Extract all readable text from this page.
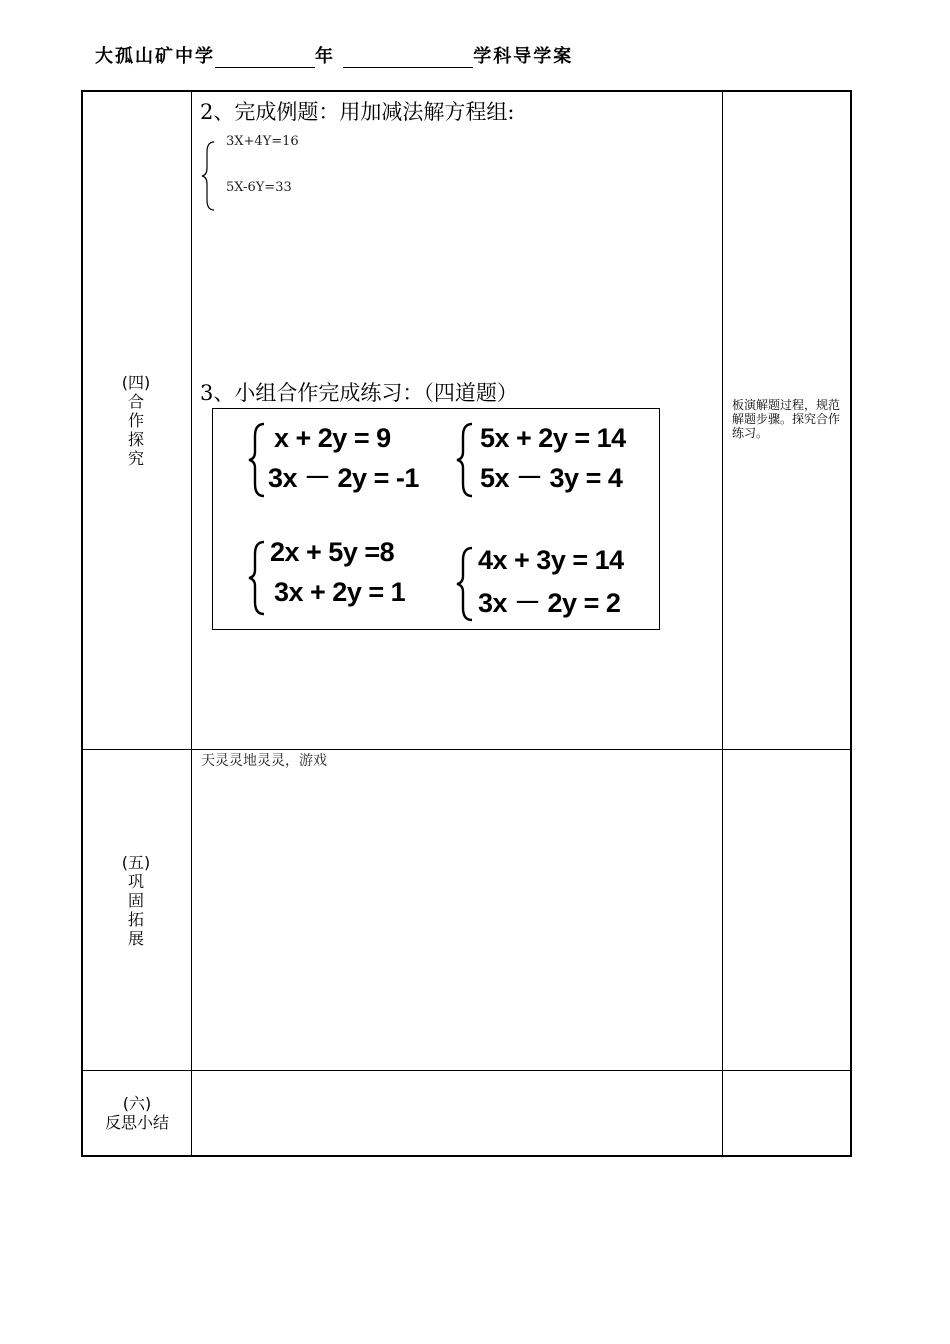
大孤山矿中学	年	学科导学案
(四)
合
作
探
究
(五)
巩
固
拓
展
(六)
反思小结
2、完成例题：用加减法解方程组:
3X+4Y=16
5X-6Y=33
3、小组合作完成练习：（四道题）
x + 2y = 9
3x － 2y = -1
5x + 2y = 14
5x － 3y = 4
2x + 5y =8
3x + 2y = 1
4x + 3y = 14
3x － 2y = 2
板演解题过程，规范解题步骤。探究合作练习。
天灵灵地灵灵，游戏
